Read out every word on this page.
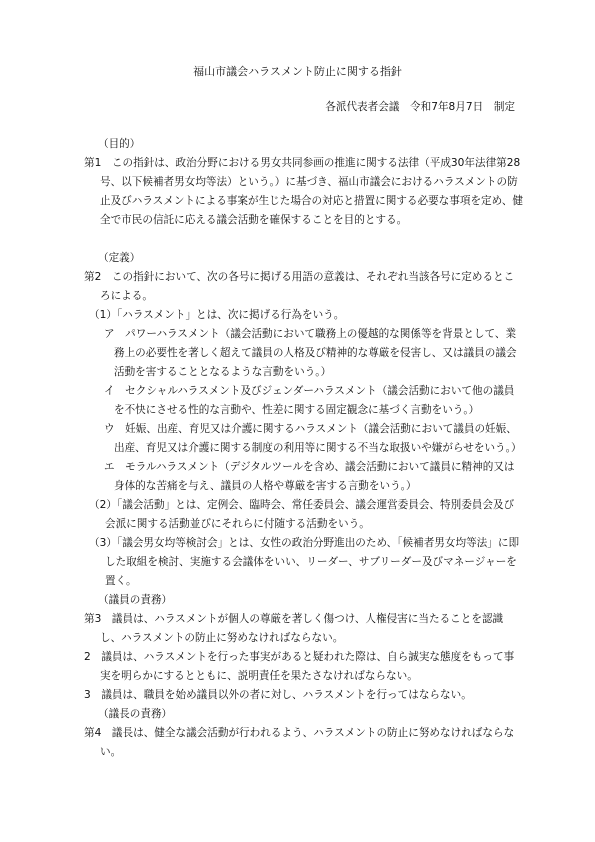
福山市議会ハラスメント防止に関する指針
各派代表者会議　令和7年8月7日　制定
（目的）
第1　この指針は、政治分野における男女共同参画の推進に関する法律（平成30年法律第28号、以下候補者男女均等法）という。）に基づき、福山市議会におけるハラスメントの防止及びハラスメントによる事案が生じた場合の対応と措置に関する必要な事項を定め、健全で市民の信託に応える議会活動を確保することを目的とする。
（定義）
第2　この指針において、次の各号に掲げる用語の意義は、それぞれ当該各号に定めるところによる。
（1）「ハラスメント」とは、次に掲げる行為をいう。
ア　パワーハラスメント（議会活動において職務上の優越的な関係等を背景として、業務上の必要性を著しく超えて議員の人格及び精神的な尊厳を侵害し、又は議員の議会活動を害することとなるような言動をいう。）
イ　セクシャルハラスメント及びジェンダーハラスメント（議会活動において他の議員を不快にさせる性的な言動や、性差に関する固定観念に基づく言動をいう。）
ウ　妊娠、出産、育児又は介護に関するハラスメント（議会活動において議員の妊娠、出産、育児又は介護に関する制度の利用等に関する不当な取扱いや嫌がらせをいう。）
エ　モラルハラスメント（デジタルツールを含め、議会活動において議員に精神的又は身体的な苦痛を与え、議員の人格や尊厳を害する言動をいう。）
（2）「議会活動」とは、定例会、臨時会、常任委員会、議会運営委員会、特別委員会及び会派に関する活動並びにそれらに付随する活動をいう。
（3）「議会男女均等検討会」とは、女性の政治分野進出のため、「候補者男女均等法」に即した取組を検討、実施する会議体をいい、リーダー、サブリーダー及びマネージャーを置く。
（議員の責務）
第3　議員は、ハラスメントが個人の尊厳を著しく傷つけ、人権侵害に当たることを認識し、ハラスメントの防止に努めなければならない。
2　議員は、ハラスメントを行った事実があると疑われた際は、自ら誠実な態度をもって事実を明らかにするとともに、説明責任を果たさなければならない。
3　議員は、職員を始め議員以外の者に対し、ハラスメントを行ってはならない。
（議長の責務）
第4　議長は、健全な議会活動が行われるよう、ハラスメントの防止に努めなければならない。
